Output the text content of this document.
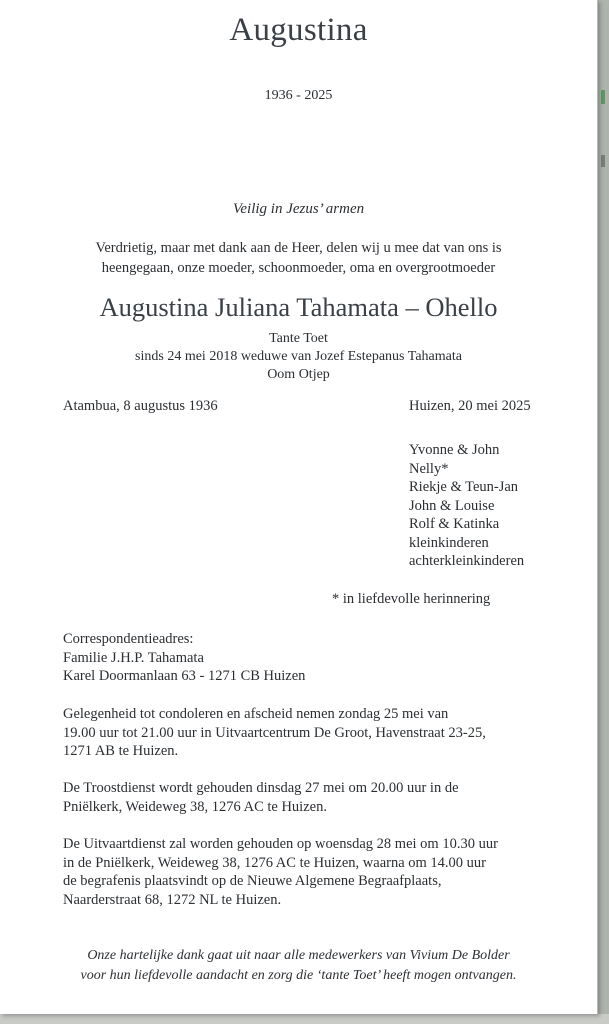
Augustina
1936 - 2025
Veilig in Jezus’ armen
Verdrietig, maar met dank aan de Heer, delen wij u mee dat van ons is
heengegaan, onze moeder, schoonmoeder, oma en overgrootmoeder
Augustina Juliana Tahamata – Ohello
Tante Toet
sinds 24 mei 2018 weduwe van Jozef Estepanus Tahamata
Oom Otjep
Atambua, 8 augustus 1936	Huizen, 20 mei 2025
Yvonne & John
Nelly*
Riekje & Teun-Jan
John & Louise
Rolf & Katinka
kleinkinderen
achterkleinkinderen
* in liefdevolle herinnering
Correspondentieadres:
Familie J.H.P. Tahamata
Karel Doormanlaan 63 - 1271 CB Huizen
Gelegenheid tot condoleren en afscheid nemen zondag 25 mei van
19.00 uur tot 21.00 uur in Uitvaartcentrum De Groot, Havenstraat 23-25,
1271 AB te Huizen.
De Troostdienst wordt gehouden dinsdag 27 mei om 20.00 uur in de
Pniëlkerk, Weideweg 38, 1276 AC te Huizen.
De Uitvaartdienst zal worden gehouden op woensdag 28 mei om 10.30 uur
in de Pniëlkerk, Weideweg 38, 1276 AC te Huizen, waarna om 14.00 uur
de begrafenis plaatsvindt op de Nieuwe Algemene Begraafplaats,
Naarderstraat 68, 1272 NL te Huizen.
Onze hartelijke dank gaat uit naar alle medewerkers van Vivium De Bolder
voor hun liefdevolle aandacht en zorg die ‘tante Toet’ heeft mogen ontvangen.
